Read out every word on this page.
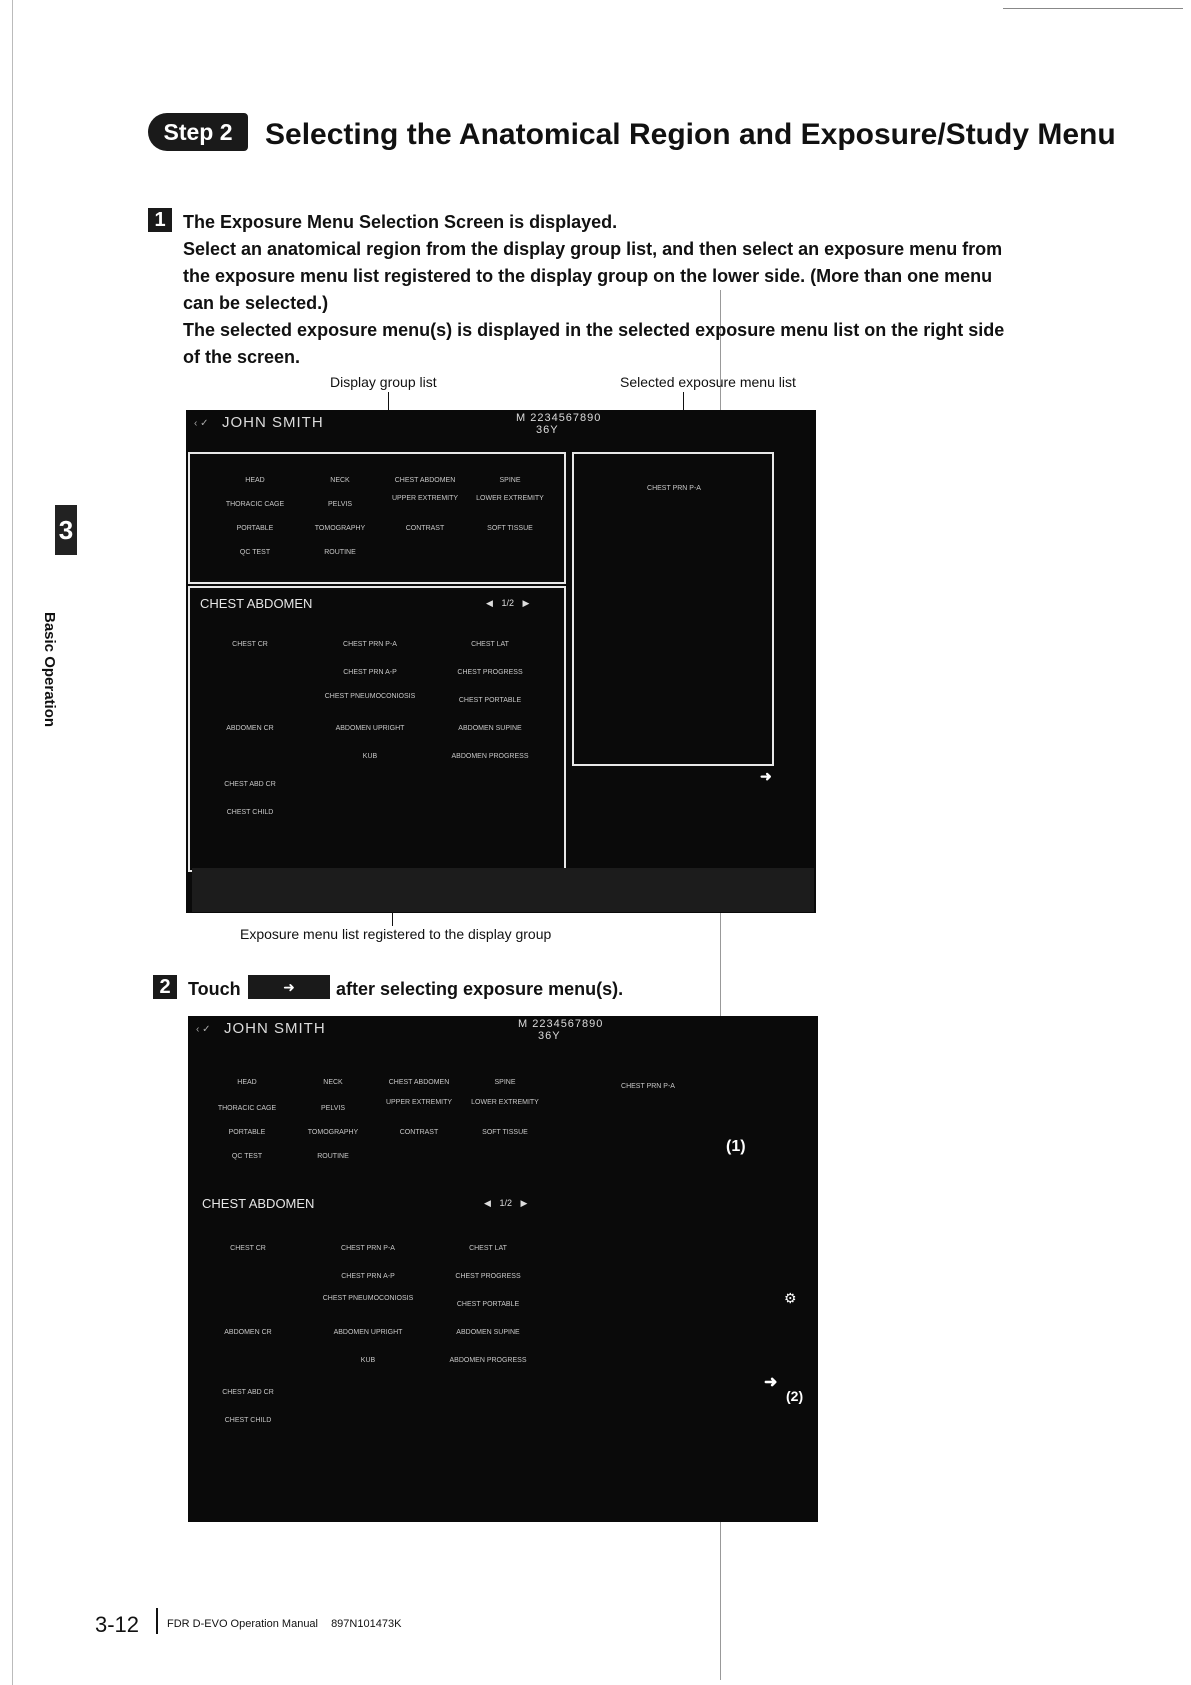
Step 2	Selecting the Anatomical Region and Exposure/Study Menu
1 The Exposure Menu Selection Screen is displayed.
Select an anatomical region from the display group list, and then select an exposure menu from
the exposure menu list registered to the display group on the lower side. (More than one menu
can be selected.)
The selected exposure menu(s) is displayed in the selected exposure menu list on the right side
of the screen.
Display group list	Selected exposure menu list
JOHN SMITH
‹ ✓	M 2234567890
36Y
HEAD	NECK	CHEST ABDOMEN	SPINE
THORACIC CAGE	PELVIS
UPPER EXTREMITY	LOWER EXTREMITY
PORTABLE	TOMOGRAPHY	CONTRAST	SOFT TISSUE
QC TEST	ROUTINE
CHEST ABDOMEN	◀ 1/2 ▶
CHEST CR	CHEST PRN P-A	CHEST LAT
CHEST PRN A-P	CHEST PROGRESS
CHEST PNEUMOCONIOSIS
CHEST PORTABLE
ABDOMEN CR	ABDOMEN UPRIGHT	ABDOMEN SUPINE
KUB	ABDOMEN PROGRESS
CHEST ABD CR
CHEST CHILD
CHEST PRN P-A
➜
Exposure menu list registered to the display group
2 Touch	➜	after selecting exposure menu(s).
‹ ✓ JOHN SMITH	M 2234567890
36Y
HEAD	NECK	CHEST ABDOMEN	SPINE
THORACIC CAGE	PELVIS
UPPER EXTREMITY	LOWER EXTREMITY
PORTABLE	TOMOGRAPHY	CONTRAST	SOFT TISSUE
QC TEST	ROUTINE
CHEST ABDOMEN	◀ 1/2 ▶
CHEST CR	CHEST PRN P-A	CHEST LAT
CHEST PRN A-P	CHEST PROGRESS
CHEST PNEUMOCONIOSIS
CHEST PORTABLE
ABDOMEN CR	ABDOMEN UPRIGHT	ABDOMEN SUPINE
KUB	ABDOMEN PROGRESS
CHEST ABD CR
CHEST CHILD
CHEST PRN P-A
(1)
⚙
➜
(2)
3
Basic Operation
3-12	FDR D-EVO Operation Manual 897N101473K
